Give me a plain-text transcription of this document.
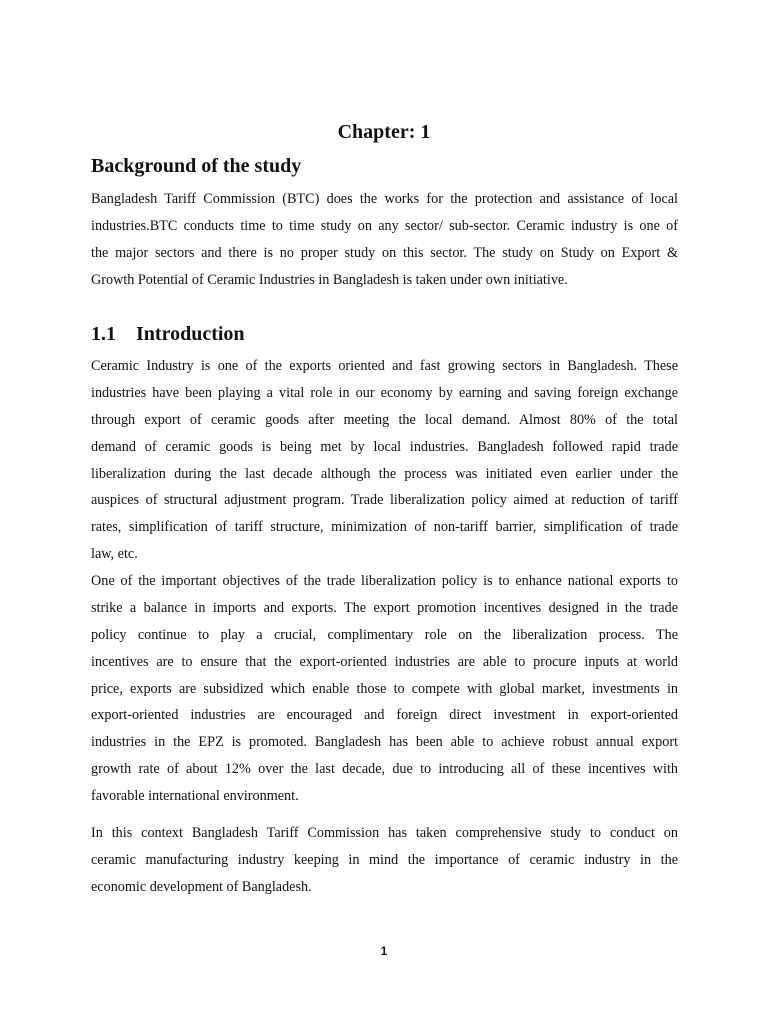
Chapter: 1
Background of the study
Bangladesh Tariff Commission (BTC) does the works for the protection and assistance of local
industries.BTC conducts time to time study on any sector/ sub-sector. Ceramic industry is one of
the major sectors and there is no proper study on this sector. The study on Study on Export &
Growth Potential of Ceramic Industries in Bangladesh is taken under own initiative.
1.1 Introduction
Ceramic Industry is one of the exports oriented and fast growing sectors in Bangladesh. These
industries have been playing a vital role in our economy by earning and saving foreign exchange
through export of ceramic goods after meeting the local demand. Almost 80% of the total
demand of ceramic goods is being met by local industries. Bangladesh followed rapid trade
liberalization during the last decade although the process was initiated even earlier under the
auspices of structural adjustment program. Trade liberalization policy aimed at reduction of tariff
rates, simplification of tariff structure, minimization of non-tariff barrier, simplification of trade
law, etc.
One of the important objectives of the trade liberalization policy is to enhance national exports to
strike a balance in imports and exports. The export promotion incentives designed in the trade
policy continue to play a crucial, complimentary role on the liberalization process. The
incentives are to ensure that the export-oriented industries are able to procure inputs at world
price, exports are subsidized which enable those to compete with global market, investments in
export-oriented industries are encouraged and foreign direct investment in export-oriented
industries in the EPZ is promoted. Bangladesh has been able to achieve robust annual export
growth rate of about 12% over the last decade, due to introducing all of these incentives with
favorable international environment.
In this context Bangladesh Tariff Commission has taken comprehensive study to conduct on
ceramic manufacturing industry keeping in mind the importance of ceramic industry in the
economic development of Bangladesh.

1
